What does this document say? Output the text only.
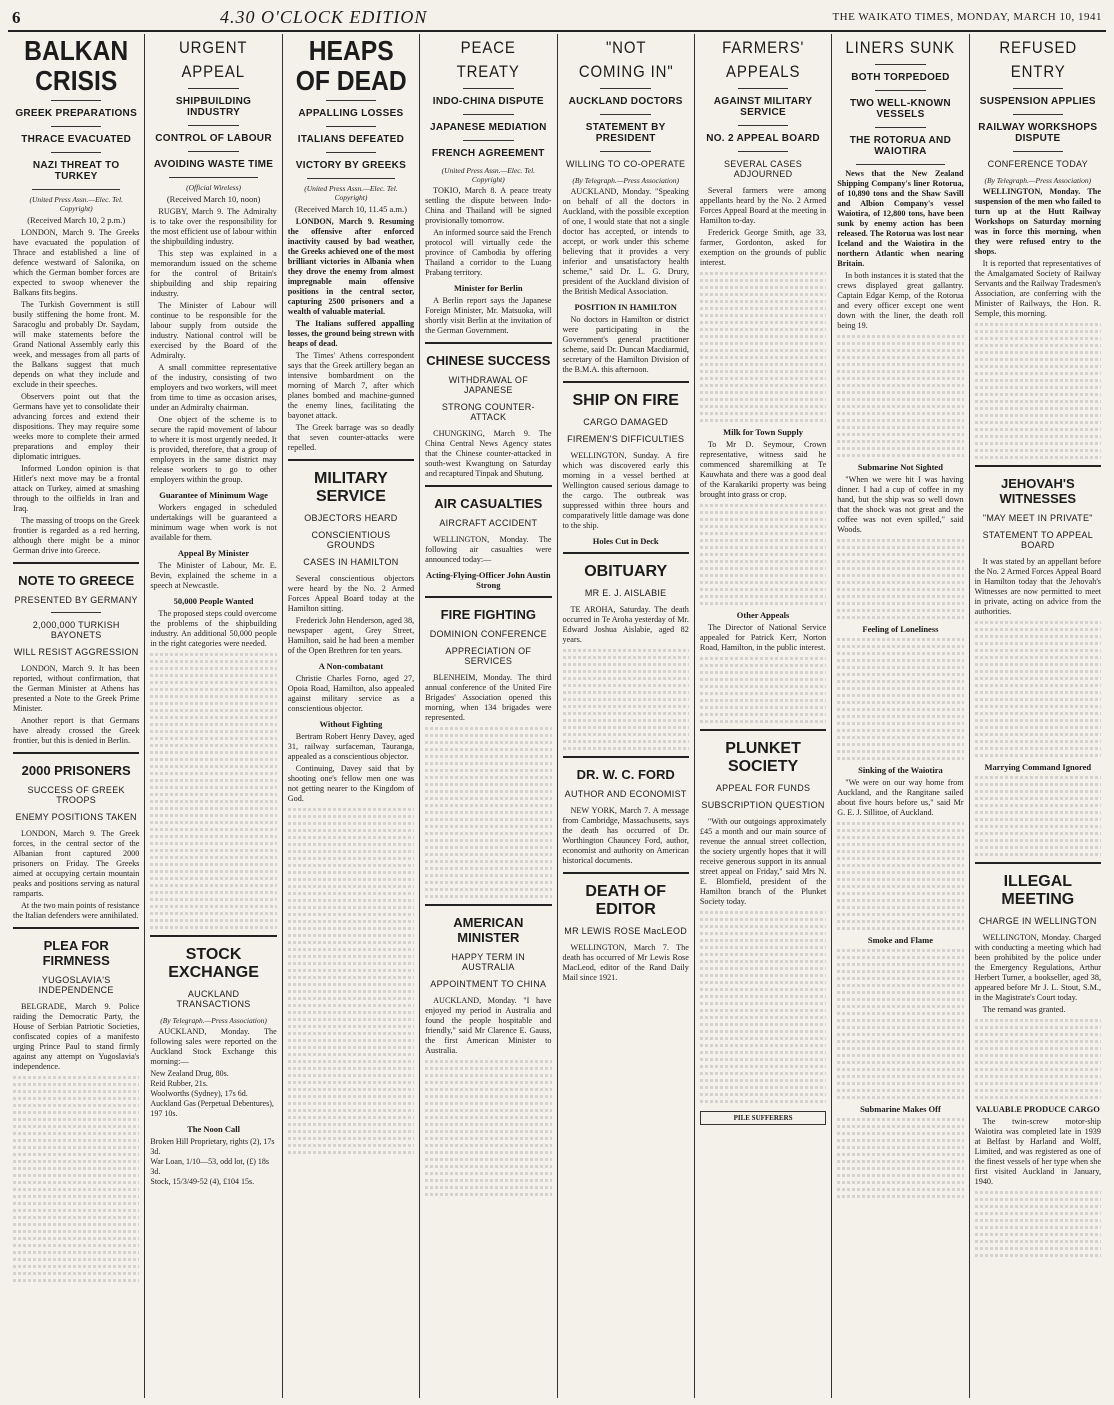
6	4.30 O'CLOCK EDITION	THE WAIKATO TIMES, MONDAY, MARCH 10, 1941
BALKAN CRISIS
GREEK PREPARATIONS
THRACE EVACUATED
NAZI THREAT TO TURKEY
(United Press Assn.—Elec. Tel. Copyright)
(Received March 10, 2 p.m.)

LONDON, March 9. The Greeks have evacuated the population of Thrace and established a line of defence westward of Salonika, on which the German bomber forces are expected to swoop whenever the Balkans fits begins.

The Turkish Government is still busily stiffening the home front. M. Saracoglu and probably Dr. Saydam, will make statements before the Grand National Assembly early this week, and messages from all parts of the Balkans suggest that much depends on what they include and exclude in their speeches.

Observers point out that the Germans have yet to consolidate their advancing forces and extend their dispositions. They may require some weeks more to complete their armed preparations and employ their diplomatic intrigues.

Informed London opinion is that Hitler's next move may be a frontal attack on Turkey, aimed at smashing through to the oilfields in Iran and Iraq.

The massing of troops on the Greek frontier is regarded as a red herring, although there might be a minor German drive into Greece.

NOTE TO GREECE
PRESENTED BY GERMANY
2,000,000 TURKISH BAYONETS
WILL RESIST AGGRESSION

LONDON, March 9. It has been reported, without confirmation, that the German Minister at Athens has presented a Note to the Greek Prime Minister.

Another report is that Germans have already crossed the Greek frontier, but this is denied in Berlin.

2000 PRISONERS
SUCCESS OF GREEK TROOPS
ENEMY POSITIONS TAKEN

LONDON, March 9. The Greek forces, in the central sector of the Albanian front captured 2000 prisoners on Friday. The Greeks aimed at occupying certain mountain peaks and positions serving as natural ramparts.

At the two main points of resistance the Italian defenders were annihilated.

PLEA FOR FIRMNESS
YUGOSLAVIA'S INDEPENDENCE

BELGRADE, March 9. Police raiding the Democratic Party, the House of Serbian Patriotic Societies, confiscated copies of a manifesto urging Prince Paul to stand firmly against any attempt on Yugoslavia's independence.

URGENT APPEAL
SHIPBUILDING INDUSTRY
CONTROL OF LABOUR
AVOIDING WASTE TIME
(Official Wireless)
(Received March 10, noon)

RUGBY, March 9. The Admiralty is to take over the responsibility for the most efficient use of labour within the shipbuilding industry.

This step was explained in a memorandum issued on the scheme for the control of Britain's shipbuilding and ship repairing industry.

The Minister of Labour will continue to be responsible for the labour supply from outside the industry. National control will be exercised by the Board of the Admiralty.

A small committee representative of the industry, consisting of two employers and two workers, will meet from time to time as occasion arises, under an Admiralty chairman.

One object of the scheme is to secure the rapid movement of labour to where it is most urgently needed. It is provided, therefore, that a group of employers in the same district may release workers to go to other employers within the group.

Guarantee of Minimum Wage

Workers engaged in scheduled undertakings will be guaranteed a minimum wage when work is not available for them.

Appeal By Minister

The Minister of Labour, Mr. E. Bevin, explained the scheme in a speech at Newcastle.

50,000 People Wanted

The proposed steps could overcome the problems of the shipbuilding industry. An additional 50,000 people in the right categories were needed.

STOCK EXCHANGE
AUCKLAND TRANSACTIONS
(By Telegraph.—Press Association)

AUCKLAND, Monday. The following sales were reported on the Auckland Stock Exchange this morning:—

New Zealand Drug, 80s.
Reid Rubber, 21s.
Woolworths (Sydney), 17s 6d.
Auckland Gas (Perpetual Debentures), 197 10s.
The Noon Call
Broken Hill Proprietary, rights (2), 17s 3d.
War Loan, 1/10—53, odd lot, (£) 18s 3d.
Stock, 15/3/49-52 (4), £104 15s.
HEAPS OF DEAD
APPALLING LOSSES
ITALIANS DEFEATED
VICTORY BY GREEKS
(United Press Assn.—Elec. Tel. Copyright)
(Received March 10, 11.45 a.m.)

LONDON, March 9. Resuming the offensive after enforced inactivity caused by bad weather, the Greeks achieved one of the most brilliant victories in Albania when they drove the enemy from almost impregnable main offensive positions in the central sector, capturing 2500 prisoners and a wealth of valuable material.

The Italians suffered appalling losses, the ground being strewn with heaps of dead.

The Times' Athens correspondent says that the Greek artillery began an intensive bombardment on the morning of March 7, after which planes bombed and machine-gunned the enemy lines, facilitating the bayonet attack.

The Greek barrage was so deadly that seven counter-attacks were repelled.

MILITARY SERVICE
OBJECTORS HEARD
CONSCIENTIOUS GROUNDS
CASES IN HAMILTON

Several conscientious objectors were heard by the No. 2 Armed Forces Appeal Board today at the Hamilton sitting.

Frederick John Henderson, aged 38, newspaper agent, Grey Street, Hamilton, said he had been a member of the Open Brethren for ten years.

A Non-combatant

Christie Charles Forno, aged 27, Opoia Road, Hamilton, also appealed against military service as a conscientious objector.

Without Fighting

Bertram Robert Henry Davey, aged 31, railway surfaceman, Tauranga, appealed as a conscientious objector.

Continuing, Davey said that by shooting one's fellow men one was not getting nearer to the Kingdom of God.

PEACE TREATY
INDO-CHINA DISPUTE
JAPANESE MEDIATION
FRENCH AGREEMENT
(United Press Assn.—Elec. Tel. Copyright)

TOKIO, March 8. A peace treaty settling the dispute between Indo-China and Thailand will be signed provisionally tomorrow.

An informed source said the French protocol will virtually cede the province of Cambodia by offering Thailand a corridor to the Luang Prabang territory.

Minister for Berlin

A Berlin report says the Japanese Foreign Minister, Mr. Matsuoka, will shortly visit Berlin at the invitation of the German Government.

CHINESE SUCCESS
WITHDRAWAL OF JAPANESE
STRONG COUNTER-ATTACK

CHUNGKING, March 9. The China Central News Agency states that the Chinese counter-attacked in south-west Kwangtung on Saturday and recaptured Tinpak and Shutung.

AIR CASUALTIES
AIRCRAFT ACCIDENT

WELLINGTON, Monday. The following air casualties were announced today:—

Acting-Flying-Officer John Austin Strong
FIRE FIGHTING
DOMINION CONFERENCE
APPRECIATION OF SERVICES

BLENHEIM, Monday. The third annual conference of the United Fire Brigades' Association opened this morning, when 134 brigades were represented.

AMERICAN MINISTER
HAPPY TERM IN AUSTRALIA
APPOINTMENT TO CHINA

AUCKLAND, Monday. "I have enjoyed my period in Australia and found the people hospitable and friendly," said Mr Clarence E. Gauss, the first American Minister to Australia.

"NOT COMING IN"
AUCKLAND DOCTORS
STATEMENT BY PRESIDENT
WILLING TO CO-OPERATE
(By Telegraph.—Press Association)

AUCKLAND, Monday. "Speaking on behalf of all the doctors in Auckland, with the possible exception of one, I would state that not a single doctor has accepted, or intends to accept, or work under this scheme believing that it provides a very inferior and unsatisfactory health scheme," said Dr. L. G. Drury, president of the Auckland division of the British Medical Association.

POSITION IN HAMILTON

No doctors in Hamilton or district were participating in the Government's general practitioner scheme, said Dr. Duncan Macdiarmid, secretary of the Hamilton Division of the B.M.A. this afternoon.

SHIP ON FIRE
CARGO DAMAGED
FIREMEN'S DIFFICULTIES

WELLINGTON, Sunday. A fire which was discovered early this morning in a vessel berthed at Wellington caused serious damage to the cargo. The outbreak was suppressed within three hours and comparatively little damage was done to the ship.

Holes Cut in Deck
OBITUARY
MR E. J. AISLABIE

TE AROHA, Saturday. The death occurred in Te Aroha yesterday of Mr. Edward Joshua Aislabie, aged 82 years.

DR. W. C. FORD
AUTHOR AND ECONOMIST

NEW YORK, March 7. A message from Cambridge, Massachusetts, says the death has occurred of Dr. Worthington Chauncey Ford, author, economist and authority on American historical documents.

DEATH OF EDITOR
MR LEWIS ROSE MacLEOD

WELLINGTON, March 7. The death has occurred of Mr Lewis Rose MacLeod, editor of the Rand Daily Mail since 1921.

FARMERS' APPEALS
AGAINST MILITARY SERVICE
NO. 2 APPEAL BOARD
SEVERAL CASES ADJOURNED

Several farmers were among appellants heard by the No. 2 Armed Forces Appeal Board at the meeting in Hamilton to-day.

Frederick George Smith, age 33, farmer, Gordonton, asked for exemption on the grounds of public interest.

Milk for Town Supply

To Mr D. Seymour, Crown representative, witness said he commenced sharemilking at Te Kauwhata and there was a good deal of the Karakariki property was being brought into grass or crop.

Other Appeals

The Director of National Service appealed for Patrick Kerr, Norton Road, Hamilton, in the public interest.

PLUNKET SOCIETY
APPEAL FOR FUNDS
SUBSCRIPTION QUESTION

"With our outgoings approximately £45 a month and our main source of revenue the annual street collection, the society urgently hopes that it will receive generous support in its annual street appeal on Friday," said Mrs N. E. Blomfield, president of the Hamilton branch of the Plunket Society today.

PILE SUFFERERS
LINERS SUNK
BOTH TORPEDOED
TWO WELL-KNOWN VESSELS
THE ROTORUA AND WAIOTIRA

News that the New Zealand Shipping Company's liner Rotorua, of 10,890 tons and the Shaw Savill and Albion Company's vessel Waiotira, of 12,800 tons, have been sunk by enemy action has been released. The Rotorua was lost near Iceland and the Waiotira in the northern Atlantic when nearing Britain.

In both instances it is stated that the crews displayed great gallantry. Captain Edgar Kemp, of the Rotorua and every officer except one went down with the liner, the death roll being 19.

Submarine Not Sighted

"When we were hit I was having dinner. I had a cup of coffee in my hand, but the ship was so well down that the shock was not great and the coffee was not even spilled," said Woods.

Feeling of Loneliness
Sinking of the Waiotira

"We were on our way home from Auckland, and the Rangitane sailed about five hours before us," said Mr G. E. J. Sillitoe, of Auckland.

Smoke and Flame
Submarine Makes Off
REFUSED ENTRY
SUSPENSION APPLIES
RAILWAY WORKSHOPS DISPUTE
CONFERENCE TODAY
(By Telegraph.—Press Association)

WELLINGTON, Monday. The suspension of the men who failed to turn up at the Hutt Railway Workshops on Saturday morning was in force this morning, when they were refused entry to the shops.

It is reported that representatives of the Amalgamated Society of Railway Servants and the Railway Tradesmen's Association, are conferring with the Minister of Railways, the Hon. R. Semple, this morning.

JEHOVAH'S WITNESSES
"MAY MEET IN PRIVATE"
STATEMENT TO APPEAL BOARD

It was stated by an appellant before the No. 2 Armed Forces Appeal Board in Hamilton today that the Jehovah's Witnesses are now permitted to meet in private, acting on advice from the authorities.

Marrying Command Ignored
ILLEGAL MEETING
CHARGE IN WELLINGTON

WELLINGTON, Monday. Charged with conducting a meeting which had been prohibited by the police under the Emergency Regulations, Arthur Herbert Turner, a bookseller, aged 38, appeared before Mr J. L. Stout, S.M., in the Magistrate's Court today.

The remand was granted.

VALUABLE PRODUCE CARGO

The twin-screw motor-ship Waiotira was completed late in 1939 at Belfast by Harland and Wolff, Limited, and was registered as one of the finest vessels of her type when she first visited Auckland in January, 1940.
